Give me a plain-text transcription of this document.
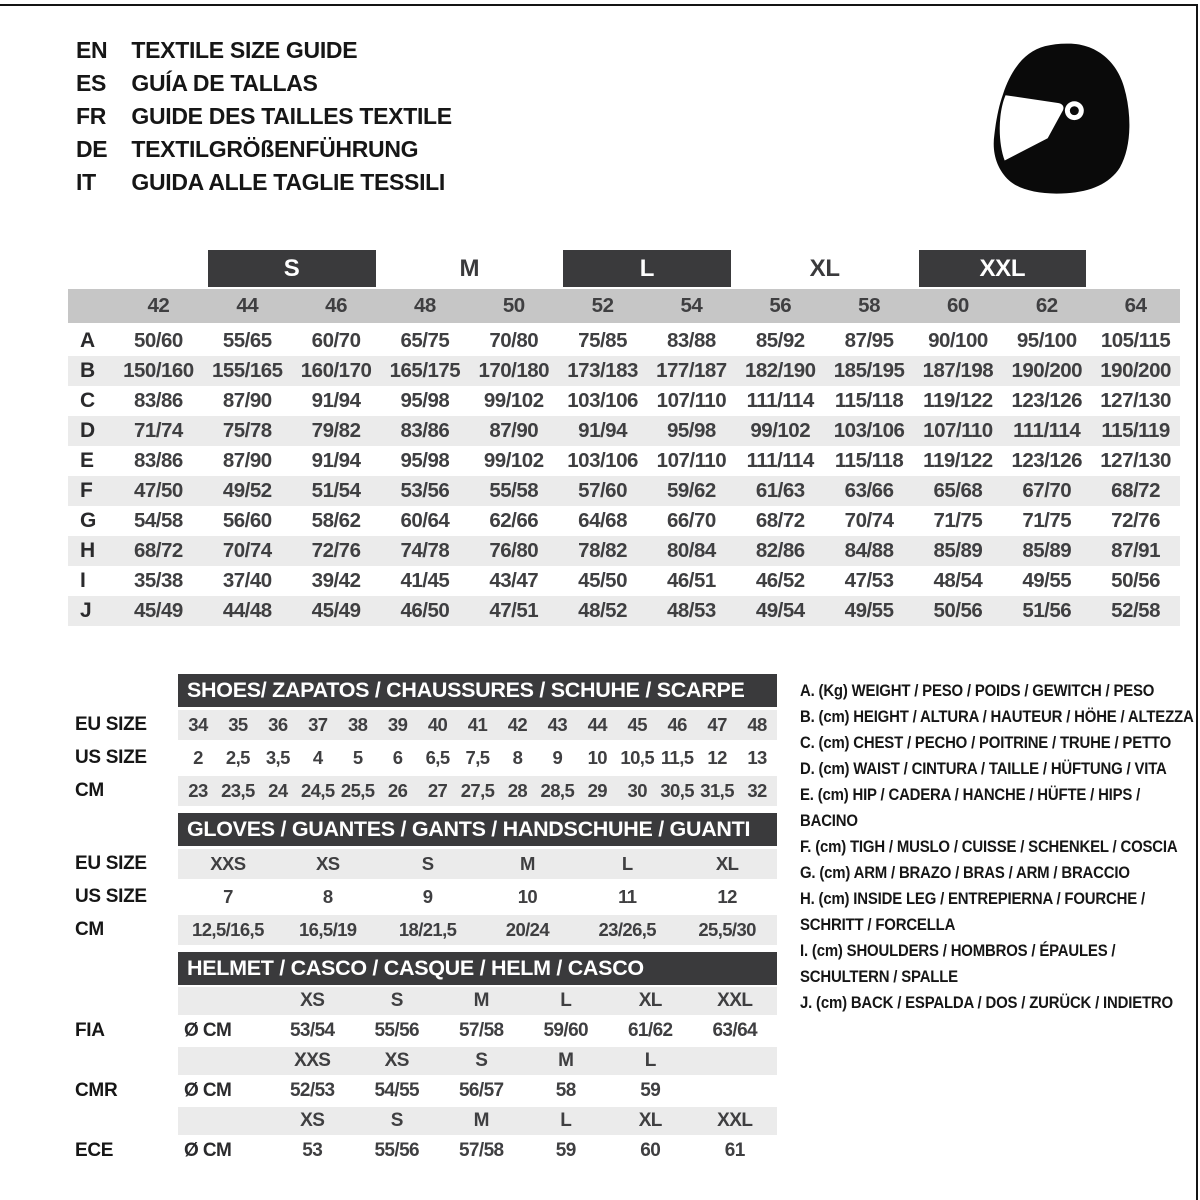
EN TEXTILE SIZE GUIDE
ES GUÍA DE TALLAS
FR GUIDE DES TAILLES TEXTILE
DE TEXTILGRÖßENFÜHRUNG
IT	GUIDA ALLE TAGLIE TESSILI
S	M	L	XL	XXL
42	44	46	48	50	52	54	56	58	60	62	64
A	50/60	55/65	60/70	65/75	70/80	75/85	83/88	85/92	87/95	90/100	95/100	105/115
B	150/160 155/165 160/170 165/175 170/180 173/183 177/187 182/190 185/195 187/198 190/200 190/200
C	83/86	87/90	91/94	95/98	99/102	103/106 107/110 111/114	115/118 119/122 123/126 127/130
D	71/74	75/78	79/82	83/86	87/90	91/94	95/98	99/102	103/106 107/110 111/114	115/119
E	83/86	87/90	91/94	95/98	99/102	103/106 107/110 111/114	115/118 119/122 123/126 127/130
F	47/50	49/52	51/54	53/56	55/58	57/60	59/62	61/63	63/66	65/68	67/70	68/72
G	54/58	56/60	58/62	60/64	62/66	64/68	66/70	68/72	70/74	71/75	71/75	72/76
H	68/72	70/74	72/76	74/78	76/80	78/82	80/84	82/86	84/88	85/89	85/89	87/91
I	35/38	37/40	39/42	41/45	43/47	45/50	46/51	46/52	47/53	48/54	49/55	50/56
J	45/49	44/48	45/49	46/50	47/51	48/52	48/53	49/54	49/55	50/56	51/56	52/58
SHOES/ ZAPATOS / CHAUSSURES / SCHUHE / SCARPE
EU SIZE	34	35	36	37	38	39	40	41	42	43	44	45	46	47	48
US SIZE	2	2,5 3,5	4	5	6	6,5 7,5	8	9	10 10,5 11,5 12	13
CM	23 23,5 24 24,5 25,5 26	27 27,5 28 28,5 29	30 30,5 31,5 32
GLOVES / GUANTES / GANTS / HANDSCHUHE / GUANTI
EU SIZE	XXS	XS	S	M	L	XL
US SIZE	7	8	9	10	11	12
CM	12,5/16,5	16,5/19	18/21,5	20/24	23/26,5	25,5/30
HELMET / CASCO / CASQUE / HELM / CASCO
XS	S	M	L	XL	XXL
FIA	Ø CM	53/54	55/56	57/58	59/60	61/62	63/64
XXS	XS	S	M	L
CMR	Ø CM	52/53	54/55	56/57	58	59
XS	S	M	L	XL	XXL
ECE	Ø CM	53	55/56	57/58	59	60	61
A. (Kg) WEIGHT / PESO / POIDS / GEWITCH / PESO
B. (cm) HEIGHT / ALTURA / HAUTEUR / HÖHE / ALTEZZA
C. (cm) CHEST / PECHO / POITRINE / TRUHE / PETTO
D. (cm) WAIST / CINTURA / TAILLE / HÜFTUNG / VITA
E. (cm) HIP / CADERA / HANCHE / HÜFTE / HIPS / BACINO
F. (cm) TIGH / MUSLO / CUISSE / SCHENKEL / COSCIA
G. (cm) ARM / BRAZO / BRAS / ARM / BRACCIO
H. (cm) INSIDE LEG / ENTREPIERNA / FOURCHE / SCHRITT / FORCELLA
I. (cm) SHOULDERS / HOMBROS / ÉPAULES / SCHULTERN / SPALLE
J. (cm) BACK / ESPALDA / DOS / ZURÜCK / INDIETRO
